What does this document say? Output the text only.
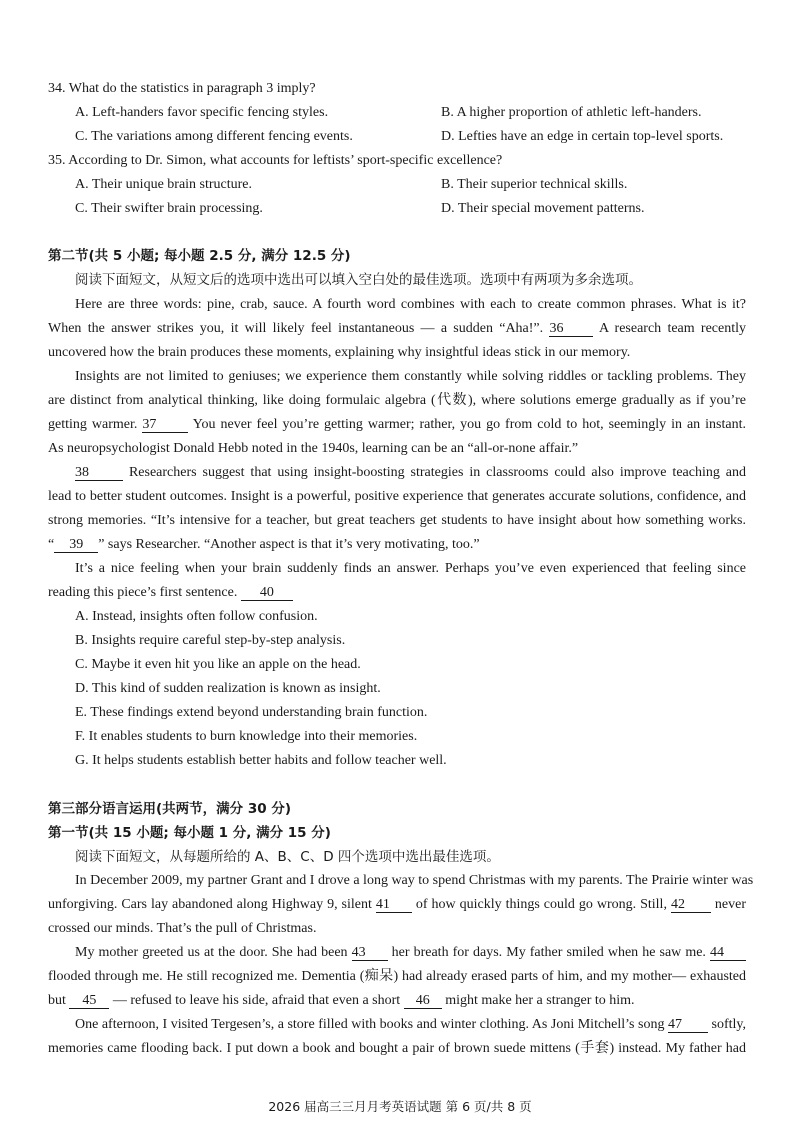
34. What do the statistics in paragraph 3 imply?
A. Left-handers favor specific fencing styles.	B. A higher proportion of athletic left-handers.
C. The variations among different fencing events.	D. Lefties have an edge in certain top-level sports.
35. According to Dr. Simon, what accounts for leftists’ sport-specific excellence?
A. Their unique brain structure.	B. Their superior technical skills.
C. Their swifter brain processing.	D. Their special movement patterns.
第二节(共 5 小题; 每小题 2.5 分, 满分 12.5 分)
阅读下面短文，从短文后的选项中选出可以填入空白处的最佳选项。选项中有两项为多余选项。
Here are three words: pine, crab, sauce. A fourth word combines with each to create common phrases. What is it?
When the answer strikes you, it will likely feel instantaneous — a sudden “Aha!”. 36	A research team recently
uncovered how the brain produces these moments, explaining why insightful ideas stick in our memory.
Insights are not limited to geniuses; we experience them constantly while solving riddles or tackling problems. They
are distinct from analytical thinking, like doing formulaic algebra (代数), where solutions emerge gradually as if you’re
getting warmer. 37	You never feel you’re getting warmer; rather, you go from cold to hot, seemingly in an instant.
As neuropsychologist Donald Hebb noted in the 1940s, learning can be an “all-or-none affair.”
38	Researchers suggest that using insight-boosting strategies in classrooms could also improve teaching and
lead to better student outcomes. Insight is a powerful, positive experience that generates accurate solutions, confidence, and
strong memories. “It’s intensive for a teacher, but great teachers get students to have insight about how something works.
“ 39 ” says Researcher. “Another aspect is that it’s very motivating, too.”
It’s a nice feeling when your brain suddenly finds an answer. Perhaps you’ve even experienced that feeling since
reading this piece’s first sentence. 40
A. Instead, insights often follow confusion.
B. Insights require careful step-by-step analysis.
C. Maybe it even hit you like an apple on the head.
D. This kind of sudden realization is known as insight.
E. These findings extend beyond understanding brain function.
F. It enables students to burn knowledge into their memories.
G. It helps students establish better habits and follow teacher well.
第三部分语言运用(共两节，满分 30 分)
第一节(共 15 小题; 每小题 1 分, 满分 15 分)
阅读下面短文，从每题所给的 A、B、C、D 四个选项中选出最佳选项。
In December 2009, my partner Grant and I drove a long way to spend Christmas with my parents. The Prairie winter was
unforgiving. Cars lay abandoned along Highway 9, silent 41 of how quickly things could go wrong. Still, 42 never
crossed our minds. That’s the pull of Christmas.
My mother greeted us at the door. She had been 43 her breath for days. My father smiled when he saw me. 44
flooded through me. He still recognized me. Dementia (痴呆) had already erased parts of him, and my mother— exhausted
but 45 — refused to leave his side, afraid that even a short 46 might make her a stranger to him.
One afternoon, I visited Tergesen’s, a store filled with books and winter clothing. As Joni Mitchell’s song 47 softly,
memories came flooding back. I put down a book and bought a pair of brown suede mittens (手套) instead. My father had
2026 届高三三月月考英语试题 第 6 页/共 8 页
